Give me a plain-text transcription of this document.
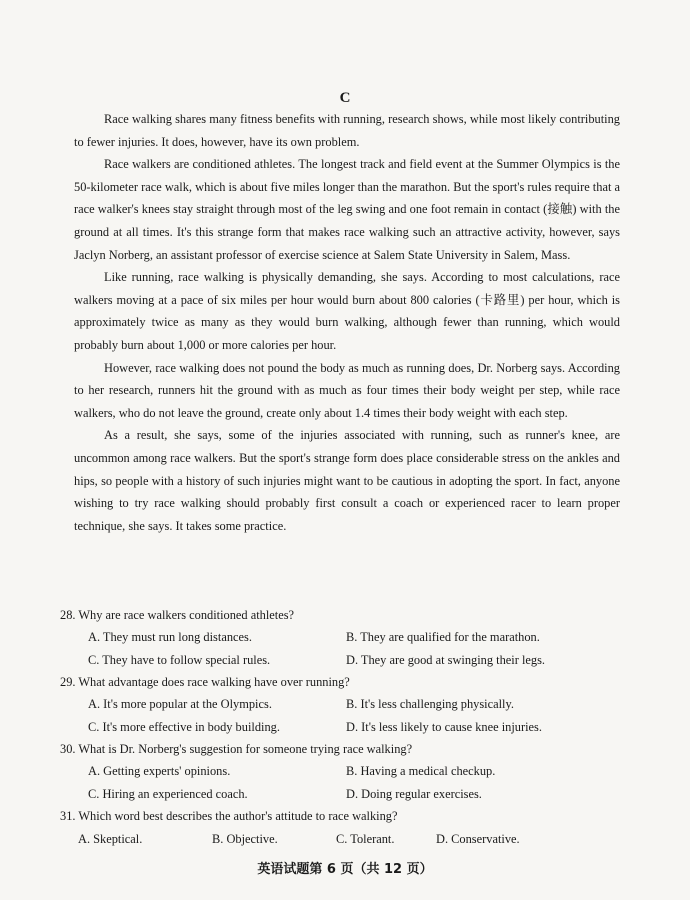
C

Race walking shares many fitness benefits with running, research shows, while most likely contributing to fewer injuries. It does, however, have its own problem.

Race walkers are conditioned athletes. The longest track and field event at the Summer Olympics is the 50-kilometer race walk, which is about five miles longer than the marathon. But the sport's rules require that a race walker's knees stay straight through most of the leg swing and one foot remain in contact (接触) with the ground at all times. It's this strange form that makes race walking such an attractive activity, however, says Jaclyn Norberg, an assistant professor of exercise science at Salem State University in Salem, Mass.

Like running, race walking is physically demanding, she says. According to most calculations, race walkers moving at a pace of six miles per hour would burn about 800 calories (卡路里) per hour, which is approximately twice as many as they would burn walking, although fewer than running, which would probably burn about 1,000 or more calories per hour.

However, race walking does not pound the body as much as running does, Dr. Norberg says. According to her research, runners hit the ground with as much as four times their body weight per step, while race walkers, who do not leave the ground, create only about 1.4 times their body weight with each step.

As a result, she says, some of the injuries associated with running, such as runner's knee, are uncommon among race walkers. But the sport's strange form does place considerable stress on the ankles and hips, so people with a history of such injuries might want to be cautious in adopting the sport. In fact, anyone wishing to try race walking should probably first consult a coach or experienced racer to learn proper technique, she says. It takes some practice.

28. Why are race walkers conditioned athletes?
A. They must run long distances.	B. They are qualified for the marathon.
C. They have to follow special rules.	D. They are good at swinging their legs.
29. What advantage does race walking have over running?
A. It's more popular at the Olympics.	B. It's less challenging physically.
C. It's more effective in body building.	D. It's less likely to cause knee injuries.
30. What is Dr. Norberg's suggestion for someone trying race walking?
A. Getting experts' opinions.	B. Having a medical checkup.
C. Hiring an experienced coach.	D. Doing regular exercises.
31. Which word best describes the author's attitude to race walking?
A. Skeptical.	B. Objective.	C. Tolerant.	D. Conservative.
英语试题第 6 页（共 12 页）
